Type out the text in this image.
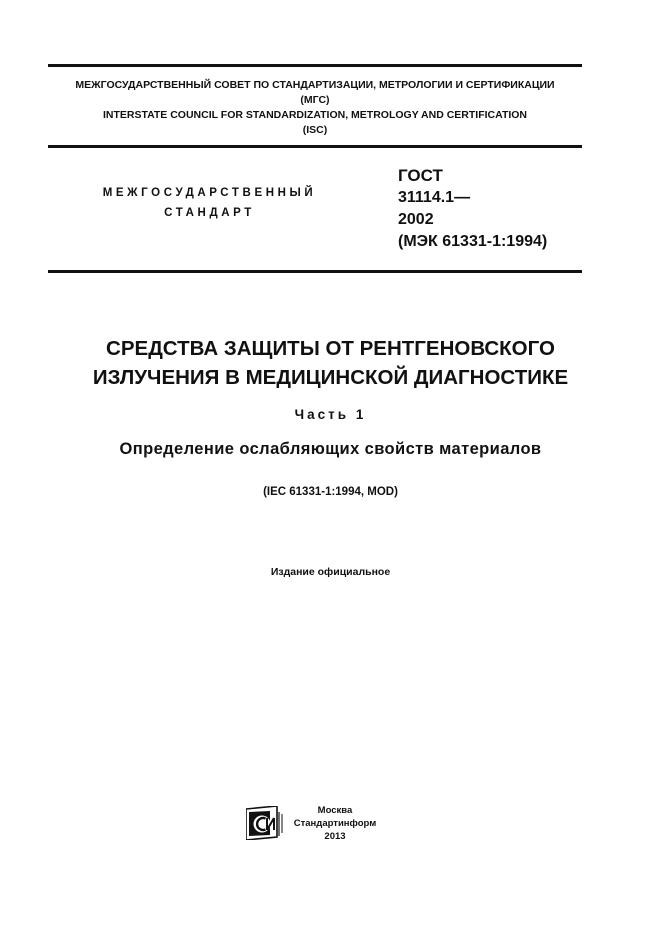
МЕЖГОСУДАРСТВЕННЫЙ СОВЕТ ПО СТАНДАРТИЗАЦИИ, МЕТРОЛОГИИ И СЕРТИФИКАЦИИ
(МГС)
INTERSTATE COUNCIL FOR STANDARDIZATION, METROLOGY AND CERTIFICATION
(ISC)
МЕЖГОСУДАРСТВЕННЫЙ
СТАНДАРТ
ГОСТ
31114.1—
2002
(МЭК 61331-1:1994)
СРЕДСТВА ЗАЩИТЫ ОТ РЕНТГЕНОВСКОГО
ИЗЛУЧЕНИЯ В МЕДИЦИНСКОЙ ДИАГНОСТИКЕ
Часть 1
Определение ослабляющих свойств материалов
(IEC 61331-1:1994, MOD)
Издание официальное
Москва
Стандартинформ
2013
